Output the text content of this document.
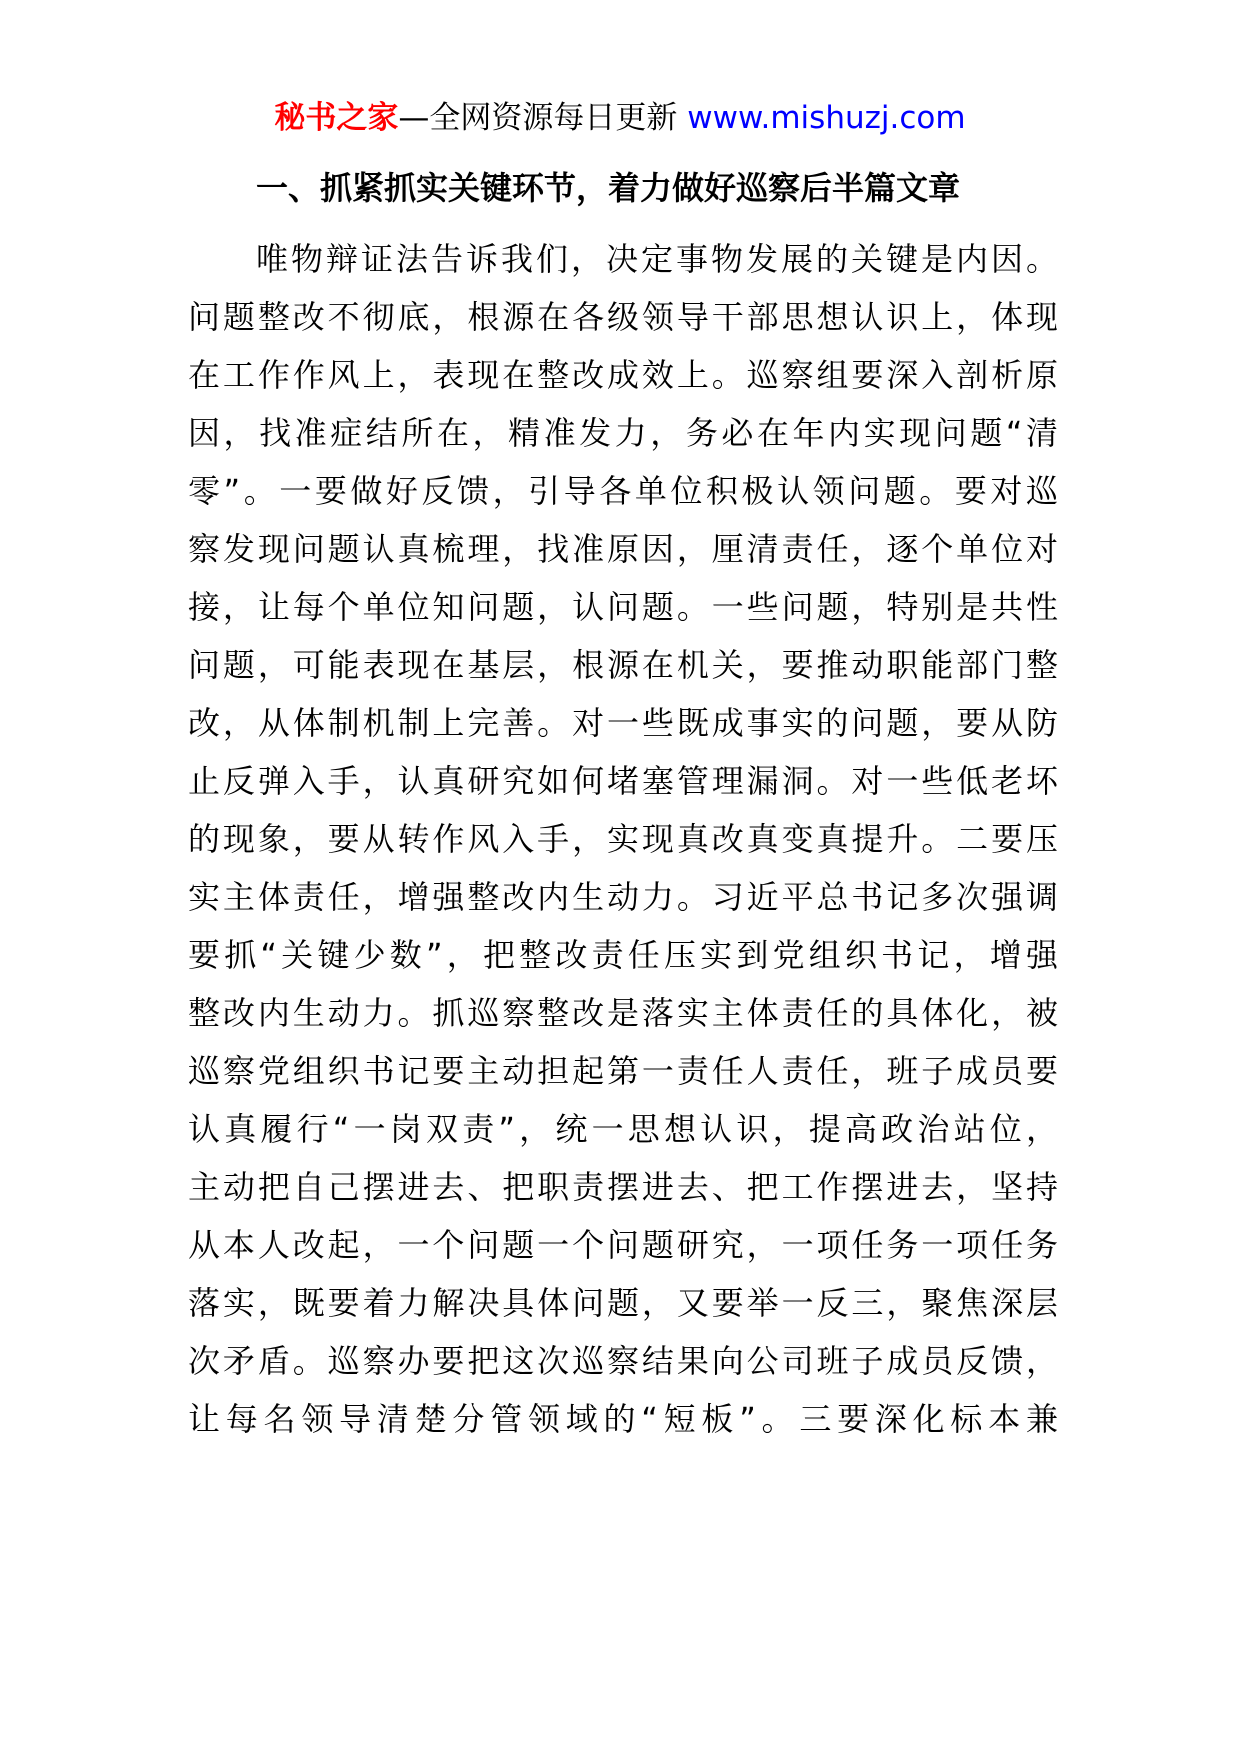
秘书之家—全网资源每日更新 www.mishuzj.com
一、抓紧抓实关键环节，着力做好巡察后半篇文章
唯物辩证法告诉我们，决定事物发展的关键是内因。
问题整改不彻底，根源在各级领导干部思想认识上，体现
在工作作风上，表现在整改成效上。巡察组要深入剖析原
因，找准症结所在，精准发力，务必在年内实现问题“清
零”。一要做好反馈，引导各单位积极认领问题。要对巡
察发现问题认真梳理，找准原因，厘清责任，逐个单位对
接，让每个单位知问题，认问题。一些问题，特别是共性
问题，可能表现在基层，根源在机关，要推动职能部门整
改，从体制机制上完善。对一些既成事实的问题，要从防
止反弹入手，认真研究如何堵塞管理漏洞。对一些低老坏
的现象，要从转作风入手，实现真改真变真提升。二要压
实主体责任，增强整改内生动力。习近平总书记多次强调
要抓“关键少数”，把整改责任压实到党组织书记，增强
整改内生动力。抓巡察整改是落实主体责任的具体化，被
巡察党组织书记要主动担起第一责任人责任，班子成员要
认真履行“一岗双责”，统一思想认识，提高政治站位，
主动把自己摆进去、把职责摆进去、把工作摆进去，坚持
从本人改起，一个问题一个问题研究，一项任务一项任务
落实，既要着力解决具体问题，又要举一反三，聚焦深层
次矛盾。巡察办要把这次巡察结果向公司班子成员反馈，
让每名领导清楚分管领域的“短板”。三要深化标本兼
